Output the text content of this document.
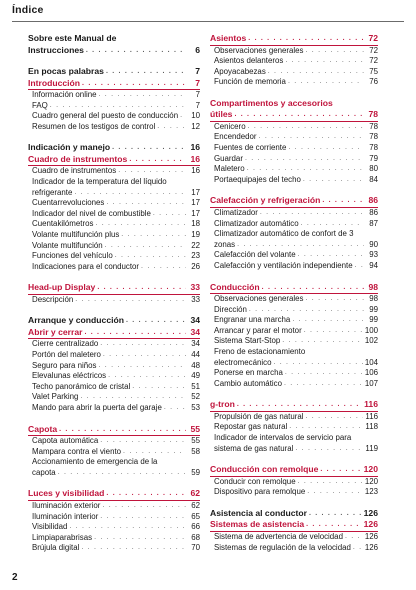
Índice
Sobre este Manual de
Instrucciones . . .	6
En pocas palabras . . .	7
Introducción . . .	7
Información online . . .	7
FAQ . . .	7
Cuadro general del puesto de conducción . . .	10
Resumen de los testigos de control . . .	12
Indicación y manejo . . .	16
Cuadro de instrumentos . . .	16
Cuadro de instrumentos . . .	16
Indicador de la temperatura del líquido
refrigerante . . .	17
Cuentarrevoluciones . . .	17
Indicador del nivel de combustible . . .	17
Cuentakilómetros . . .	18
Volante multifunción plus . . .	19
Volante multifunción . . .	22
Funciones del vehículo . . .	23
Indicaciones para el conductor . . .	26
Head-up Display . . .	33
Descripción . . .	33
Arranque y conducción . . .	34
Abrir y cerrar . . .	34
Cierre centralizado . . .	34
Portón del maletero . . .	44
Seguro para niños . . .	48
Elevalunas eléctricos . . .	49
Techo panorámico de cristal . . .	51
Valet Parking . . .	52
Mando para abrir la puerta del garaje . . .	53
Capota . . .	55
Capota automática . . .	55
Mampara contra el viento . . .	58
Accionamiento de emergencia de la
capota . . .	59
Luces y visibilidad . . .	62
Iluminación exterior . . .	62
Iluminación interior . . .	65
Visibilidad . . .	66
Limpiaparabrisas . . .	68
Brújula digital . . .	70
Asientos . . .	72
Observaciones generales . . .	72
Asientos delanteros . . .	72
Apoyacabezas . . .	75
Función de memoria . . .	76
Compartimentos y accesorios
útiles . . .	78
Cenicero . . .	78
Encendedor . . .	78
Fuentes de corriente . . .	78
Guardar . . .	79
Maletero . . .	80
Portaequipajes del techo . . .	84
Calefacción y refrigeración . . .	86
Climatizador . . .	86
Climatizador automático . . .	87
Climatizador automático de confort de 3
zonas . . .	90
Calefacción del volante . . .	93
Calefacción y ventilación independiente . . .	94
Conducción . . .	98
Observaciones generales . . .	98
Dirección . . .	99
Engranar una marcha . . .	99
Arrancar y parar el motor . . .	100
Sistema Start-Stop . . .	102
Freno de estacionamiento
electromecánico . . .	104
Ponerse en marcha . . .	106
Cambio automático . . .	107
g-tron . . .	116
Propulsión de gas natural . . .	116
Repostar gas natural . . .	118
Indicador de intervalos de servicio para
sistema de gas natural . . .	119
Conducción con remolque . . .	120
Conducir con remolque . . .	120
Dispositivo para remolque . . .	123
Asistencia al conductor . . .	126
Sistemas de asistencia . . .	126
Sistema de advertencia de velocidad . . .	126
Sistemas de regulación de la velocidad . . . 126
2
